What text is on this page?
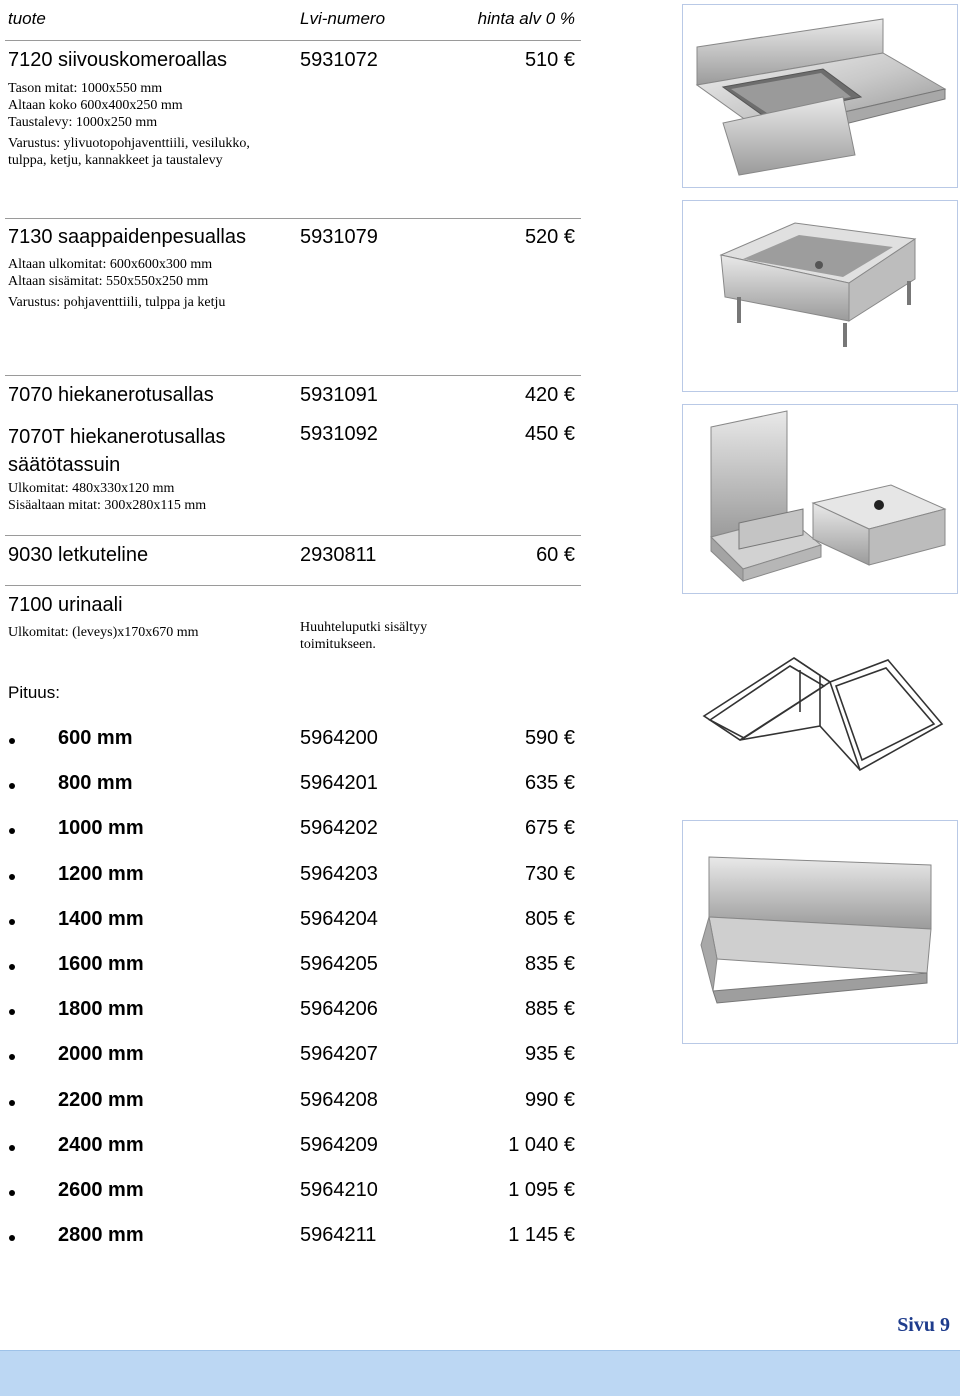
tuote	Lvi-numero	hinta alv 0 %
7120 siivouskomeroallas	5931072	510 €
Tason mitat: 1000x550 mm
Altaan koko 600x400x250 mm
Taustalevy: 1000x250 mm
Varustus: ylivuotopohjaventtiili, vesilukko,
tulppa, ketju, kannakkeet ja taustalevy
7130 saappaidenpesuallas	5931079	520 €
Altaan ulkomitat: 600x600x300 mm
Altaan sisämitat: 550x550x250 mm
Varustus: pohjaventtiili, tulppa ja ketju
7070 hiekanerotusallas	5931091	420 €
7070T hiekanerotusallas
säätötassuin
5931092	450 €
Ulkomitat: 480x330x120 mm
Sisäaltaan mitat: 300x280x115 mm
9030 letkuteline	2930811	60 €
7100 urinaali
Ulkomitat: (leveys)x170x670 mm	Huuhteluputki sisältyy
toimitukseen.
Pituus:
600 mm	5964200	590 €
800 mm	5964201	635 €
1000 mm	5964202	675 €
1200 mm	5964203	730 €
1400 mm	5964204	805 €
1600 mm	5964205	835 €
1800 mm	5964206	885 €
2000 mm	5964207	935 €
2200 mm	5964208	990 €
2400 mm	5964209	1 040 €
2600 mm	5964210	1 095 €
2800 mm	5964211	1 145 €
Sivu 9
